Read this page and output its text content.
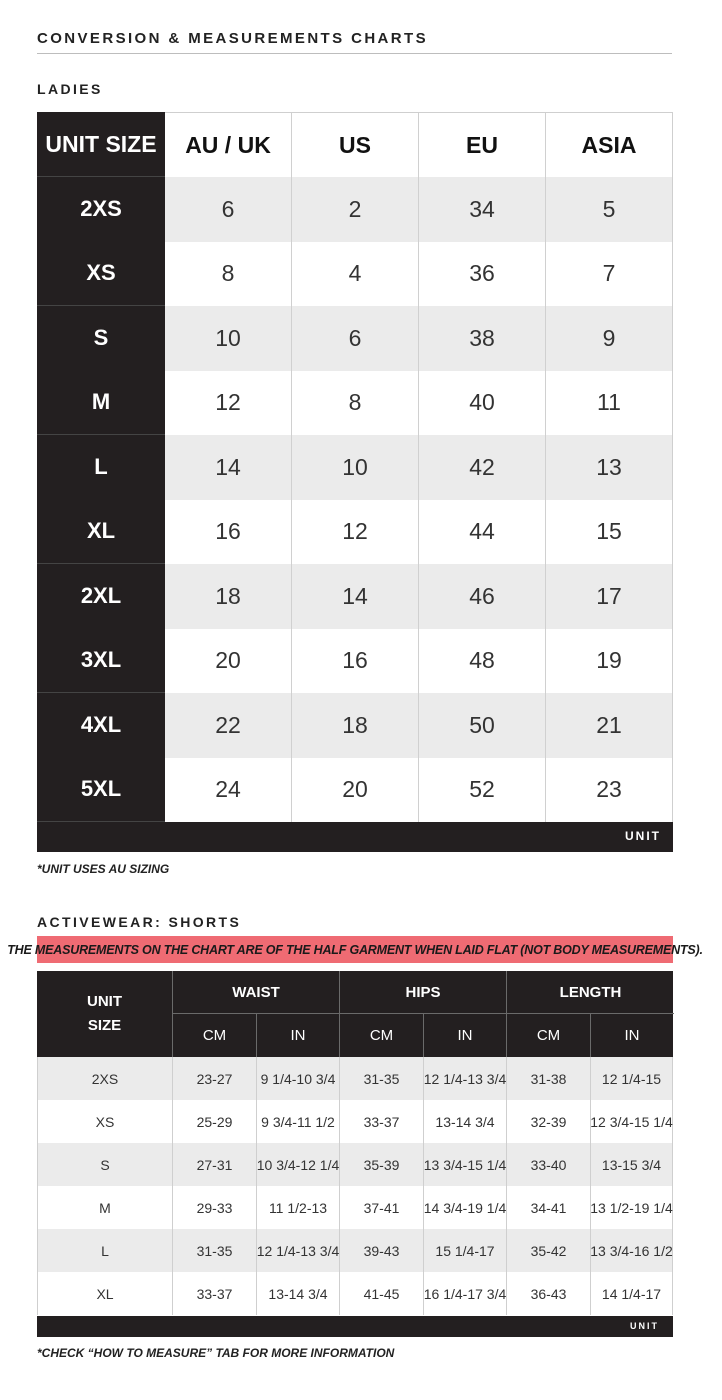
CONVERSION & MEASUREMENTS CHARTS
LADIES
UNIT SIZE	AU / UK	US	EU	ASIA
2XS	6	2	34	5
XS	8	4	36	7
S	10	6	38	9
M	12	8	40	11
L	14	10	42	13
XL	16	12	44	15
2XL	18	14	46	17
3XL	20	16	48	19
4XL	22	18	50	21
5XL	24	20	52	23
UNIT
*UNIT USES AU SIZING
ACTIVEWEAR: SHORTS
THE MEASUREMENTS ON THE CHART ARE OF THE HALF GARMENT WHEN LAID FLAT (NOT BODY MEASUREMENTS).
UNIT
SIZE
WAIST	HIPS	LENGTH
CM	IN	CM	IN	CM	IN
2XS	23-27	9 1/4-10 3/4	31-35	12 1/4-13 3/4	31-38	12 1/4-15
XS	25-29	9 3/4-11 1/2	33-37	13-14 3/4	32-39	12 3/4-15 1/4
S	27-31	10 3/4-12 1/4	35-39	13 3/4-15 1/4	33-40	13-15 3/4
M	29-33	11 1/2-13	37-41	14 3/4-19 1/4	34-41	13 1/2-19 1/4
L	31-35	12 1/4-13 3/4	39-43	15 1/4-17	35-42	13 3/4-16 1/2
XL	33-37	13-14 3/4	41-45	16 1/4-17 3/4	36-43	14 1/4-17
UNIT
*CHECK “HOW TO MEASURE” TAB FOR MORE INFORMATION
